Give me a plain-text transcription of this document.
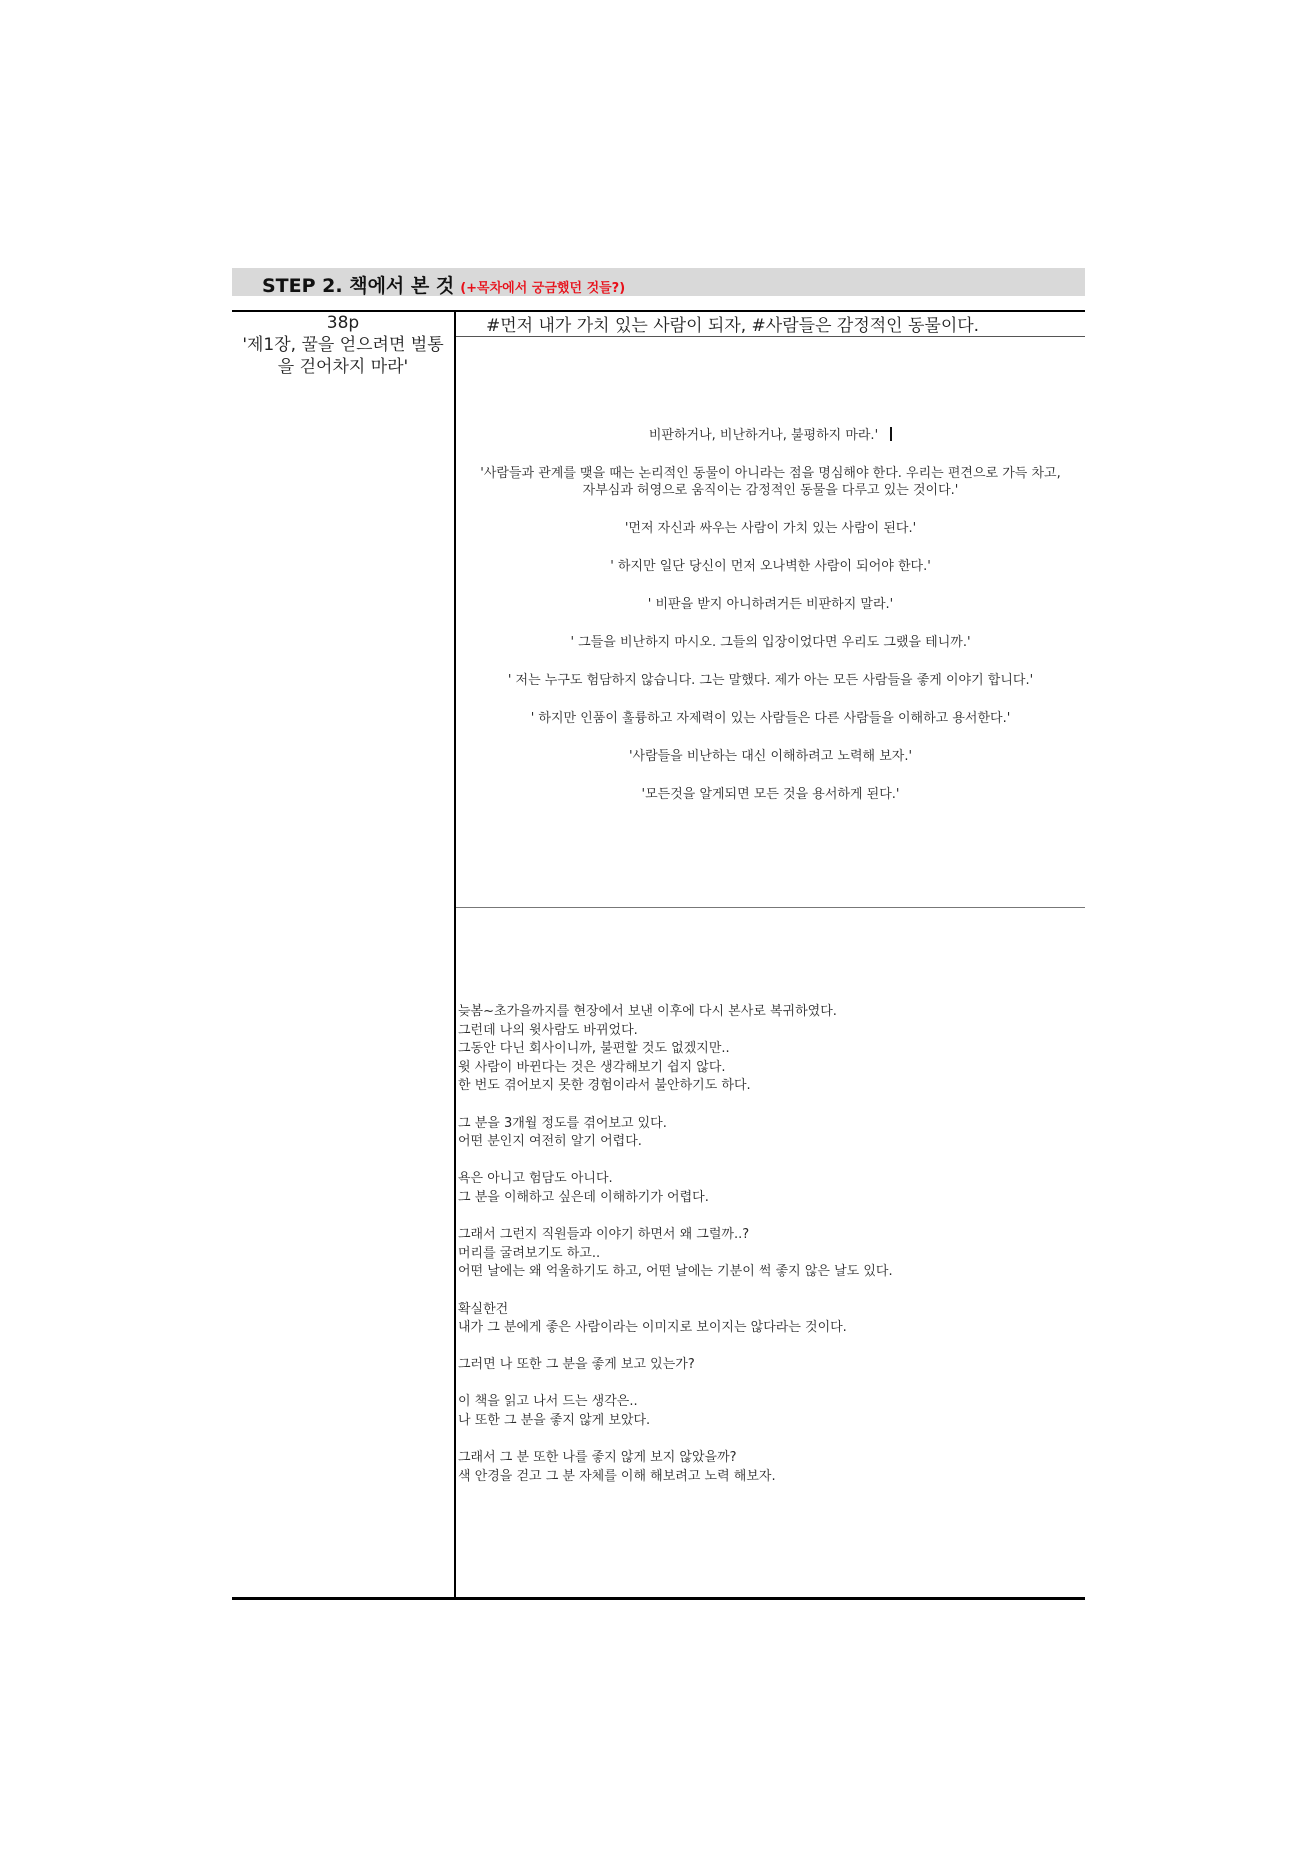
STEP 2. 책에서 본 것 (+목차에서 궁금했던 것들?)
38p
'제1장, 꿀을 얻으려면 벌통
을 걷어차지 마라'
#먼저 내가 가치 있는 사람이 되자, #사람들은 감정적인 동물이다.
비판하거나, 비난하거나, 불평하지 마라.'
'사람들과 관계를 맺을 때는 논리적인 동물이 아니라는 점을 명심해야 한다. 우리는 편견으로 가득 차고,
자부심과 허영으로 움직이는 감정적인 동물을 다루고 있는 것이다.'
'먼저 자신과 싸우는 사람이 가치 있는 사람이 된다.'
' 하지만 일단 당신이 먼저 오나벽한 사람이 되어야 한다.'
' 비판을 받지 아니하려거든 비판하지 말라.'
' 그들을 비난하지 마시오. 그들의 입장이었다면 우리도 그랬을 테니까.'
' 저는 누구도 험담하지 않습니다. 그는 말했다. 제가 아는 모든 사람들을 좋게 이야기 합니다.'
' 하지만 인품이 훌륭하고 자제력이 있는 사람들은 다른 사람들을 이해하고 용서한다.'
'사람들을 비난하는 대신 이해하려고 노력해 보자.'
'모든것을 알게되면 모든 것을 용서하게 된다.'
늦봄~초가을까지를 현장에서 보낸 이후에 다시 본사로 복귀하였다.
그런데 나의 윗사람도 바뀌었다.
그동안 다닌 회사이니까, 불편할 것도 없겠지만..
윗 사람이 바뀐다는 것은 생각해보기 쉽지 않다.
한 번도 겪어보지 못한 경험이라서 불안하기도 하다.
그 분을 3개월 정도를 겪어보고 있다.
어떤 분인지 여전히 알기 어렵다.
욕은 아니고 험담도 아니다.
그 분을 이해하고 싶은데 이해하기가 어렵다.
그래서 그런지 직원들과 이야기 하면서 왜 그럴까..?
머리를 굴려보기도 하고..
어떤 날에는 왜 억울하기도 하고, 어떤 날에는 기분이 썩 좋지 않은 날도 있다.
확실한건
내가 그 분에게 좋은 사람이라는 이미지로 보이지는 않다라는 것이다.
그러면 나 또한 그 분을 좋게 보고 있는가?
이 책을 읽고 나서 드는 생각은..
나 또한 그 분을 좋지 않게 보았다.
그래서 그 분 또한 나를 좋지 않게 보지 않았을까?
색 안경을 걷고 그 분 자체를 이해 해보려고 노력 해보자.
